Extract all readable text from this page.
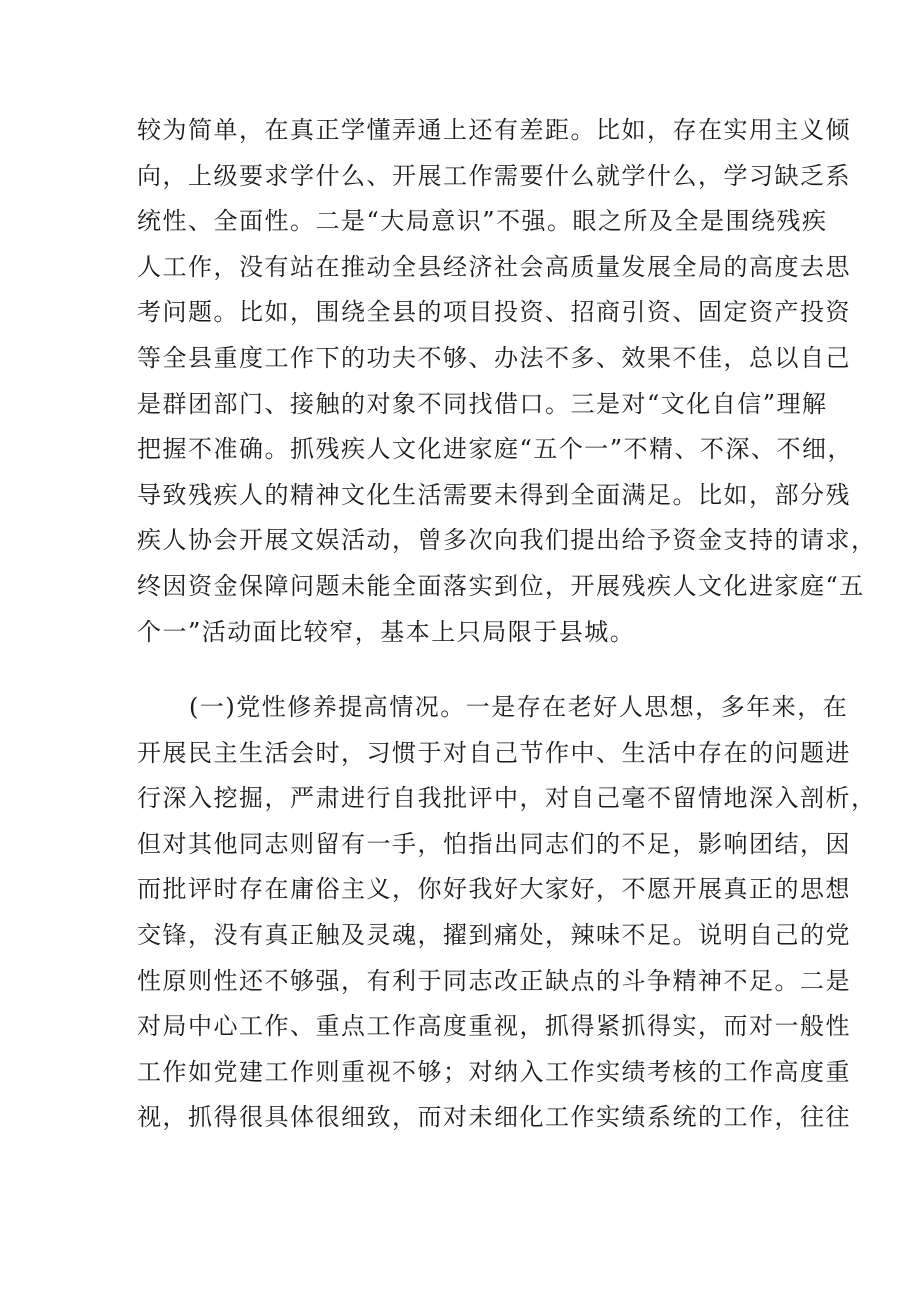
较为简单，在真正学懂弄通上还有差距。比如，存在实用主义倾
向，上级要求学什么、开展工作需要什么就学什么，学习缺乏系
统性、全面性。二是“大局意识”不强。眼之所及全是围绕残疾
人工作，没有站在推动全县经济社会高质量发展全局的高度去思
考问题。比如，围绕全县的项目投资、招商引资、固定资产投资
等全县重度工作下的功夫不够、办法不多、效果不佳，总以自己
是群团部门、接触的对象不同找借口。三是对“文化自信”理解
把握不准确。抓残疾人文化进家庭“五个一”不精、不深、不细，
导致残疾人的精神文化生活需要未得到全面满足。比如，部分残
疾人协会开展文娱活动，曾多次向我们提出给予资金支持的请求，
终因资金保障问题未能全面落实到位，开展残疾人文化进家庭“五
个一”活动面比较窄，基本上只局限于县城。
(一)党性修养提高情况。一是存在老好人思想，多年来，在
开展民主生活会时，习惯于对自己节作中、生活中存在的问题进
行深入挖掘，严肃进行自我批评中，对自己毫不留情地深入剖析，
但对其他同志则留有一手，怕指出同志们的不足，影响团结，因
而批评时存在庸俗主义，你好我好大家好，不愿开展真正的思想
交锋，没有真正触及灵魂，擢到痛处，辣味不足。说明自己的党
性原则性还不够强，有利于同志改正缺点的斗争精神不足。二是
对局中心工作、重点工作高度重视，抓得紧抓得实，而对一般性
工作如党建工作则重视不够；对纳入工作实绩考核的工作高度重
视，抓得很具体很细致，而对未细化工作实绩系统的工作，往往
